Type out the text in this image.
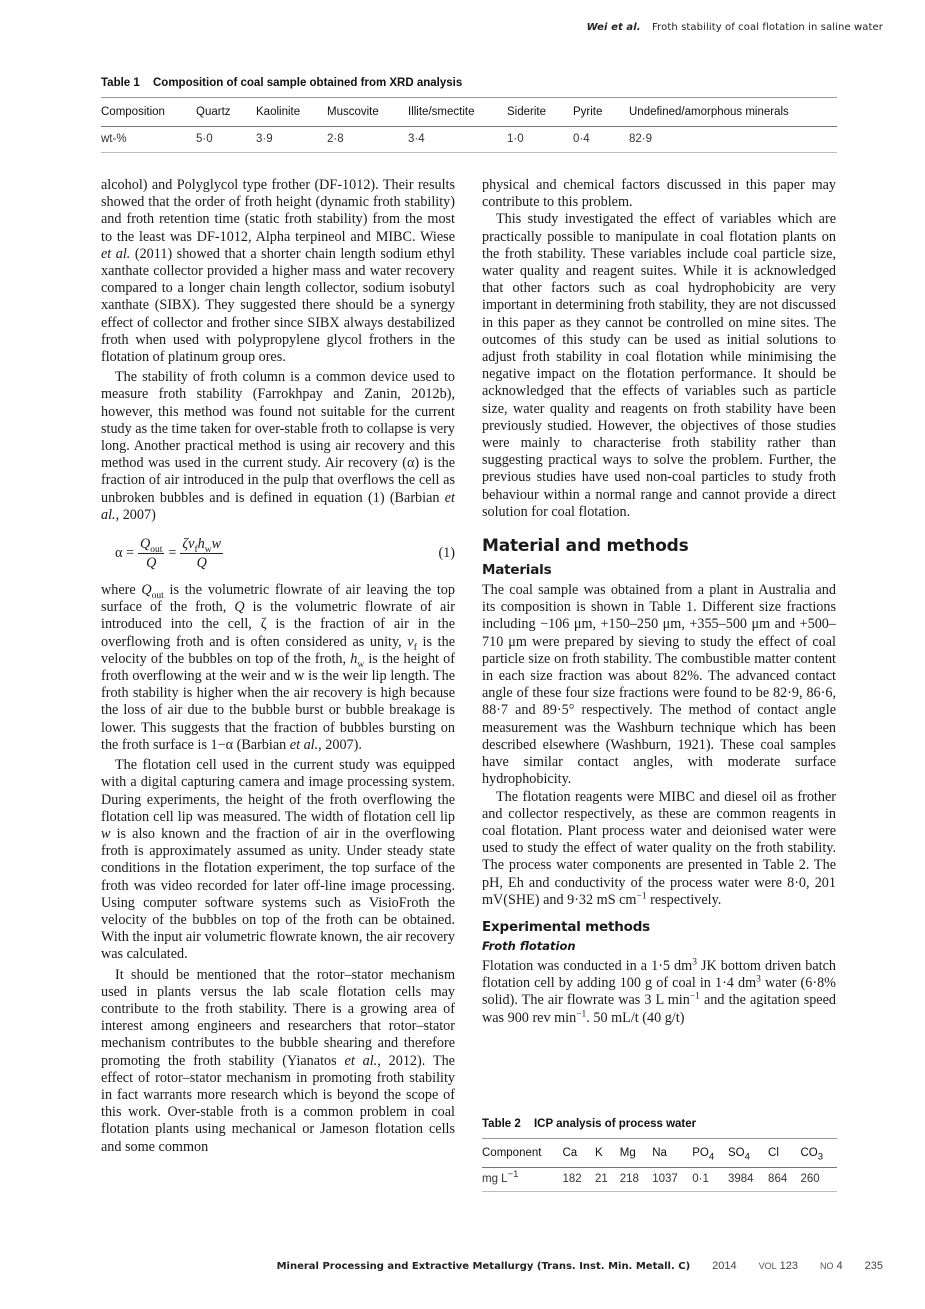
Wei et al. Froth stability of coal flotation in saline water
Table 1 Composition of coal sample obtained from XRD analysis
Composition	Quartz	Kaolinite	Muscovite	Illite/smectite	Siderite	Pyrite	Undefined/amorphous minerals
wt-%	5·0	3·9	2·8	3·4	1·0	0·4	82·9

alcohol) and Polyglycol type frother (DF-1012). Their results showed that the order of froth height (dynamic froth stability) and froth retention time (static froth stability) from the most to the least was DF-1012, Alpha terpineol and MIBC. Wiese et al. (2011) showed that a shorter chain length sodium ethyl xanthate collector provided a higher mass and water recovery compared to a longer chain length collector, sodium isobutyl xanthate (SIBX). They suggested there should be a synergy effect of collector and frother since SIBX always destabilized froth when used with polypropylene glycol frothers in the flotation of platinum group ores.

The stability of froth column is a common device used to measure froth stability (Farrokhpay and Zanin, 2012b), however, this method was found not suitable for the current study as the time taken for over-stable froth to collapse is very long. Another practical method is using air recovery and this method was used in the current study. Air recovery (α) is the fraction of air introduced in the pulp that overflows the cell as unbroken bubbles and is defined in equation (1) (Barbian et al., 2007)

$\alpha = \frac{Q_{out}}{Q} = \frac{\zeta v_fh_ww}{Q}$	(1)

where $Q_{out}$ is the volumetric flowrate of air leaving the top surface of the froth, Q is the volumetric flowrate of air introduced into the cell, ζ is the fraction of air in the overflowing froth and is often considered as unity, $v_f$ is the velocity of the bubbles on top of the froth, $h_w$ is the height of froth overflowing at the weir and w is the weir lip length. The froth stability is higher when the air recovery is high because the loss of air due to the bubble burst or bubble breakage is lower. This suggests that the fraction of bubbles bursting on the froth surface is 1−α (Barbian et al., 2007).

The flotation cell used in the current study was equipped with a digital capturing camera and image processing system. During experiments, the height of the froth overflowing the flotation cell lip was measured. The width of flotation cell lip w is also known and the fraction of air in the overflowing froth is approximately assumed as unity. Under steady state conditions in the flotation experiment, the top surface of the froth was video recorded for later off-line image processing. Using computer software systems such as VisioFroth the velocity of the bubbles on top of the froth can be obtained. With the input air volumetric flowrate known, the air recovery was calculated.

It should be mentioned that the rotor–stator mechanism used in plants versus the lab scale flotation cells may contribute to the froth stability. There is a growing area of interest among engineers and researchers that rotor–stator mechanism contributes to the bubble shearing and therefore promoting the froth stability (Yianatos et al., 2012). The effect of rotor–stator mechanism in promoting froth stability in fact warrants more research which is beyond the scope of this work. Over-stable froth is a common problem in coal flotation plants using mechanical or Jameson flotation cells and some common

physical and chemical factors discussed in this paper may contribute to this problem.

This study investigated the effect of variables which are practically possible to manipulate in coal flotation plants on the froth stability. These variables include coal particle size, water quality and reagent suites. While it is acknowledged that other factors such as coal hydrophobicity are very important in determining froth stability, they are not discussed in this paper as they cannot be controlled on mine sites. The outcomes of this study can be used as initial solutions to adjust froth stability in coal flotation while minimising the negative impact on the flotation performance. It should be acknowledged that the effects of variables such as particle size, water quality and reagents on froth stability have been previously studied. However, the objectives of those studies were mainly to characterise froth stability rather than suggesting practical ways to solve the problem. Further, the previous studies have used non-coal particles to study froth behaviour within a normal range and cannot provide a direct solution for coal flotation.

Material and methods
Materials

The coal sample was obtained from a plant in Australia and its composition is shown in Table 1. Different size fractions including −106 μm, +150–250 μm, +355–500 μm and +500–710 μm were prepared by sieving to study the effect of coal particle size on froth stability. The combustible matter content in each size fraction was about 82%. The advanced contact angle of these four size fractions were found to be 82·9, 86·6, 88·7 and 89·5° respectively. The method of contact angle measurement was the Washburn technique which has been described elsewhere (Washburn, 1921). These coal samples have similar contact angles, with moderate surface hydrophobicity.

The flotation reagents were MIBC and diesel oil as frother and collector respectively, as these are common reagents in coal flotation. Plant process water and deionised water were used to study the effect of water quality on the froth stability. The process water components are presented in Table 2. The pH, Eh and conductivity of the process water were 8·0, 201 mV(SHE) and 9·32 mS $cm^{-1}$ respectively.

Experimental methods
Froth flotation

Flotation was conducted in a 1·5 $dm^3$ JK bottom driven batch flotation cell by adding 100 g of coal in 1·4 $dm^3$ water (6·8% solid). The air flowrate was 3 L $\min^{-1}$ and the agitation speed was 900 rev $\min^{-1}$. 50 mL/t (40 g/t)

Table 2 ICP analysis of process water
Component	Ca	K	Mg	Na	$PO_4$	$SO_4$	Cl	$CO_3$
mg $L^{-1}$	182	21	218	1037	0·1	3984	864	260
Mineral Processing and Extractive Metallurgy (Trans. Inst. Min. Metall. C) 2014 VOL 123 NO 4 235
